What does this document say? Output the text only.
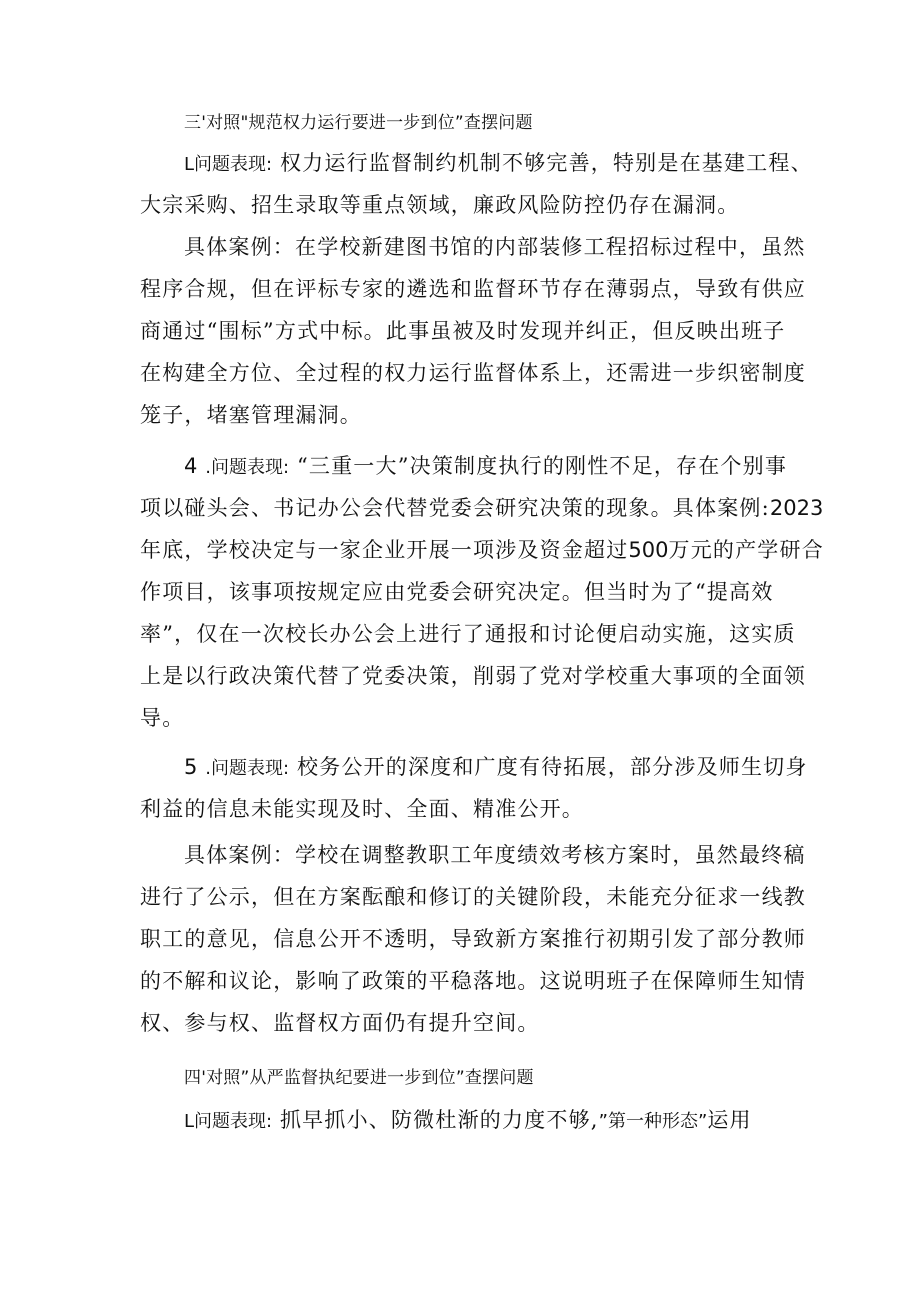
三'对照"规范权力运行要进一步到位”查摆问题
L问题表现: 权力运行监督制约机制不够完善，特别是在基建工程、
大宗采购、招生录取等重点领域，廉政风险防控仍存在漏洞。
具体案例：在学校新建图书馆的内部装修工程招标过程中，虽然
程序合规，但在评标专家的遴选和监督环节存在薄弱点，导致有供应
商通过“围标”方式中标。此事虽被及时发现并纠正，但反映出班子
在构建全方位、全过程的权力运行监督体系上，还需进一步织密制度
笼子，堵塞管理漏洞。
4 .问题表现: “三重一大”决策制度执行的刚性不足，存在个别事
项以碰头会、书记办公会代替党委会研究决策的现象。具体案例:2023
年底，学校决定与一家企业开展一项涉及资金超过500万元的产学研合
作项目，该事项按规定应由党委会研究决定。但当时为了“提高效
率”，仅在一次校长办公会上进行了通报和讨论便启动实施，这实质
上是以行政决策代替了党委决策，削弱了党对学校重大事项的全面领
导。
5 .问题表现: 校务公开的深度和广度有待拓展，部分涉及师生切身
利益的信息未能实现及时、全面、精准公开。
具体案例：学校在调整教职工年度绩效考核方案时，虽然最终稿
进行了公示，但在方案酝酿和修订的关键阶段，未能充分征求一线教
职工的意见，信息公开不透明，导致新方案推行初期引发了部分教师
的不解和议论，影响了政策的平稳落地。这说明班子在保障师生知情
权、参与权、监督权方面仍有提升空间。
四'对照”从严监督执纪要进一步到位”查摆问题
L问题表现: 抓早抓小、防微杜渐的力度不够,”第一种形态”运用
